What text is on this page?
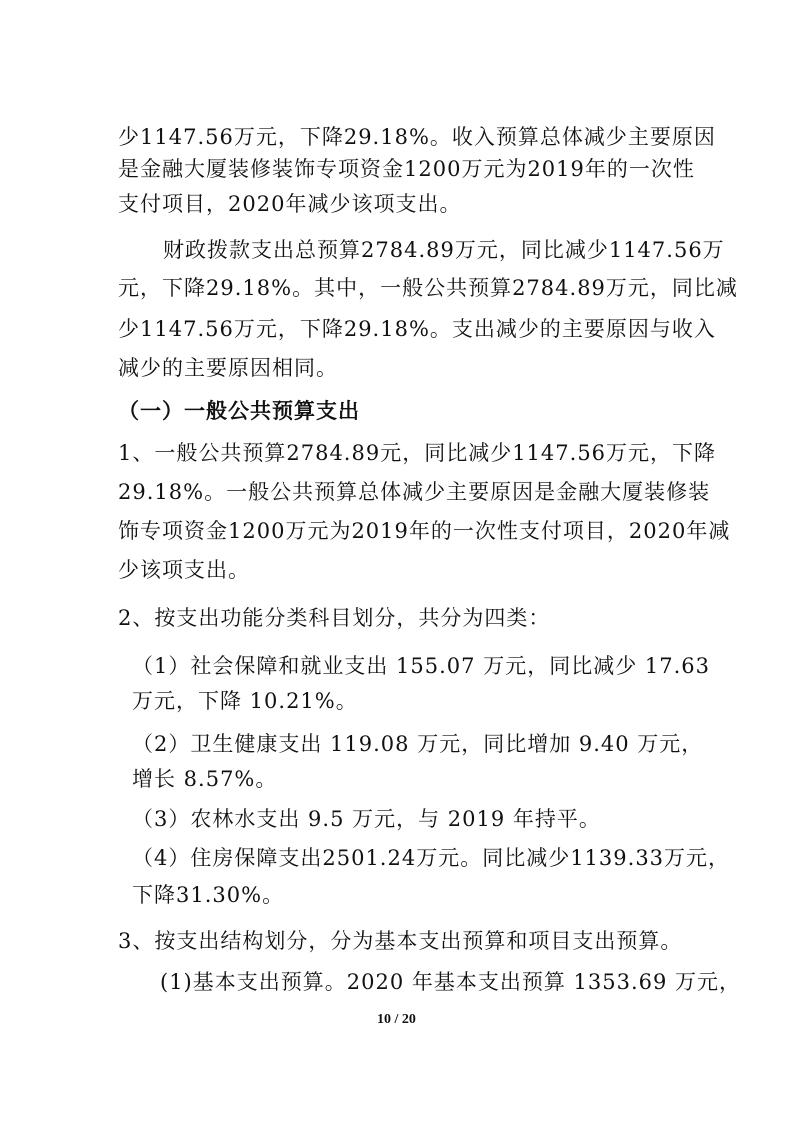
少1147.56万元，下降29.18%。收入预算总体减少主要原因
是金融大厦装修装饰专项资金1200万元为2019年的一次性
支付项目，2020年减少该项支出。
财政拨款支出总预算2784.89万元，同比减少1147.56万
元，下降29.18%。其中，一般公共预算2784.89万元，同比减
少1147.56万元，下降29.18%。支出减少的主要原因与收入
减少的主要原因相同。
（一）一般公共预算支出
1、一般公共预算2784.89元，同比减少1147.56万元，下降
29.18%。一般公共预算总体减少主要原因是金融大厦装修装
饰专项资金1200万元为2019年的一次性支付项目，2020年减
少该项支出。
2、按支出功能分类科目划分，共分为四类：
（1）社会保障和就业支出 155.07 万元，同比减少 17.63
万元，下降 10.21%。
（2）卫生健康支出 119.08 万元，同比增加 9.40 万元，
增长 8.57%。
（3）农林水支出 9.5 万元，与 2019 年持平。
（4）住房保障支出2501.24万元。同比减少1139.33万元，
下降31.30%。
3、按支出结构划分，分为基本支出预算和项目支出预算。
(1)基本支出预算。2020 年基本支出预算 1353.69 万元，
10 / 20
